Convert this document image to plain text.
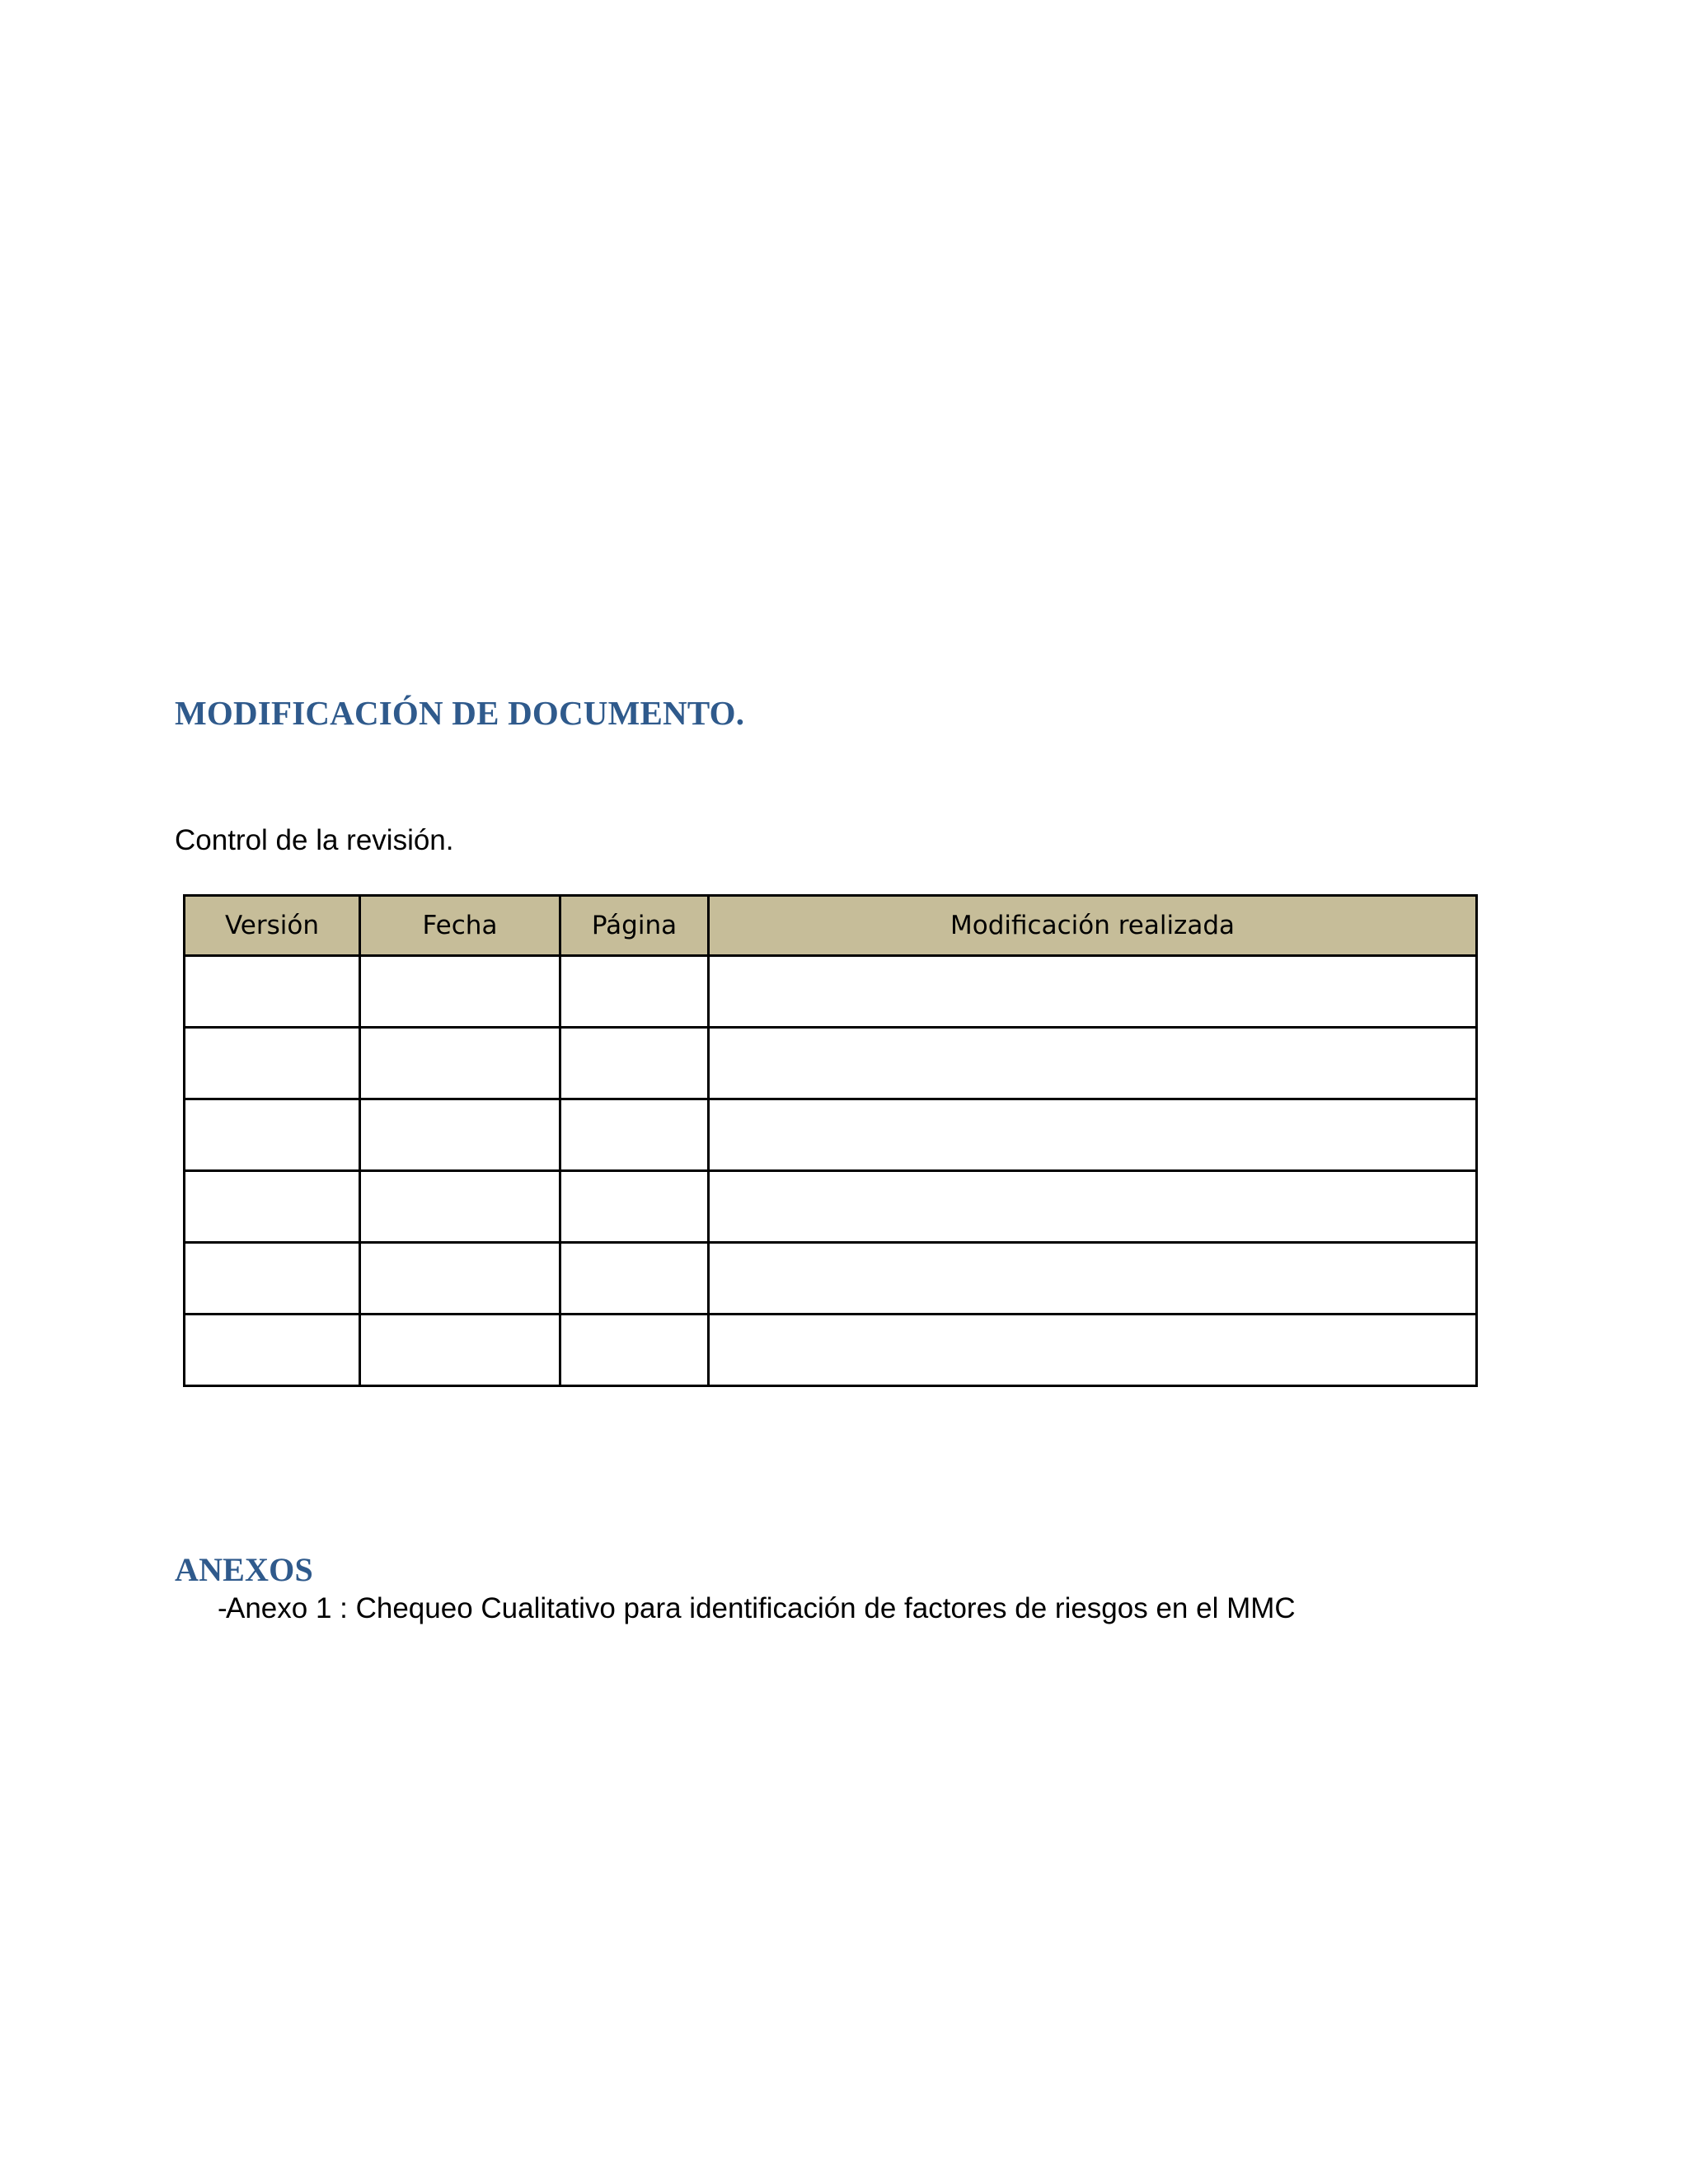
MODIFICACIÓN DE DOCUMENTO.

Control de la revisión.

Versión	Fecha	Página	Modificación realizada

ANEXOS
-
Anexo 1 : Chequeo Cualitativo para identificación de factores de riesgos en el MMC
